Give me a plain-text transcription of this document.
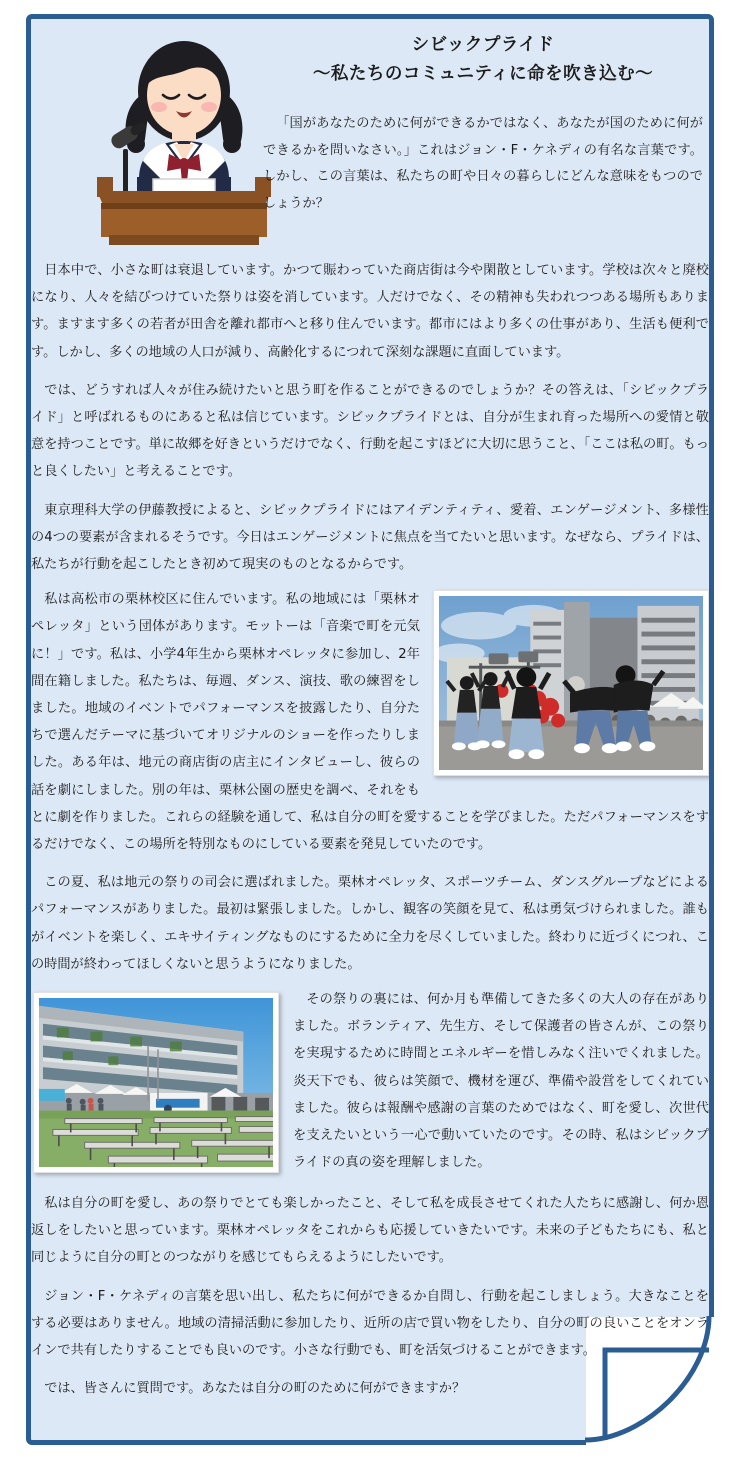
シビックプライド
〜私たちのコミュニティに命を吹き込む〜

「国があなたのために何ができるかではなく、あなたが国のために何ができるかを問いなさい。」これはジョン・F・ケネディの有名な言葉です。しかし、この言葉は、私たちの町や日々の暮らしにどんな意味をもつのでしょうか？

日本中で、小さな町は衰退しています。かつて賑わっていた商店街は今や閑散としています。学校は次々と廃校になり、人々を結びつけていた祭りは姿を消しています。人だけでなく、その精神も失われつつある場所もあります。ますます多くの若者が田舎を離れ都市へと移り住んでいます。都市にはより多くの仕事があり、生活も便利です。しかし、多くの地域の人口が減り、高齢化するにつれて深刻な課題に直面しています。

では、どうすれば人々が住み続けたいと思う町を作ることができるのでしょうか？その答えは、「シビックプライド」と呼ばれるものにあると私は信じています。シビックプライドとは、自分が生まれ育った場所への愛情と敬意を持つことです。単に故郷を好きというだけでなく、行動を起こすほどに大切に思うこと、「ここは私の町。もっと良くしたい」と考えることです。

東京理科大学の伊藤教授によると、シビックプライドにはアイデンティティ、愛着、エンゲージメント、多様性の4つの要素が含まれるそうです。今日はエンゲージメントに焦点を当てたいと思います。なぜなら、プライドは、私たちが行動を起こしたとき初めて現実のものとなるからです。

私は高松市の栗林校区に住んでいます。私の地域には「栗林オペレッタ」という団体があります。モットーは「音楽で町を元気に！」です。私は、小学4年生から栗林オペレッタに参加し、2年間在籍しました。私たちは、毎週、ダンス、演技、歌の練習をしました。地域のイベントでパフォーマンスを披露したり、自分たちで選んだテーマに基づいてオリジナルのショーを作ったりしました。ある年は、地元の商店街の店主にインタビューし、彼らの話を劇にしました。別の年は、栗林公園の歴史を調べ、それをもとに劇を作りました。これらの経験を通して、私は自分の町を愛することを学びました。ただパフォーマンスをするだけでなく、この場所を特別なものにしている要素を発見していたのです。

この夏、私は地元の祭りの司会に選ばれました。栗林オペレッタ、スポーツチーム、ダンスグループなどによるパフォーマンスがありました。最初は緊張しました。しかし、観客の笑顔を見て、私は勇気づけられました。誰もがイベントを楽しく、エキサイティングなものにするために全力を尽くしていました。終わりに近づくにつれ、この時間が終わってほしくないと思うようになりました。

その祭りの裏には、何か月も準備してきた多くの大人の存在がありました。ボランティア、先生方、そして保護者の皆さんが、この祭りを実現するために時間とエネルギーを惜しみなく注いでくれました。炎天下でも、彼らは笑顔で、機材を運び、準備や設営をしてくれていました。彼らは報酬や感謝の言葉のためではなく、町を愛し、次世代を支えたいという一心で動いていたのです。その時、私はシビックプライドの真の姿を理解しました。

私は自分の町を愛し、あの祭りでとても楽しかったこと、そして私を成長させてくれた人たちに感謝し、何か恩返しをしたいと思っています。栗林オペレッタをこれからも応援していきたいです。未来の子どもたちにも、私と同じように自分の町とのつながりを感じてもらえるようにしたいです。

ジョン・F・ケネディの言葉を思い出し、私たちに何ができるか自問し、行動を起こしましょう。大きなことをする必要はありません。地域の清掃活動に参加したり、近所の店で買い物をしたり、自分の町の良いことをオンラインで共有したりすることでも良いのです。小さな行動でも、町を活気づけることができます。

では、皆さんに質問です。あなたは自分の町のために何ができますか？
